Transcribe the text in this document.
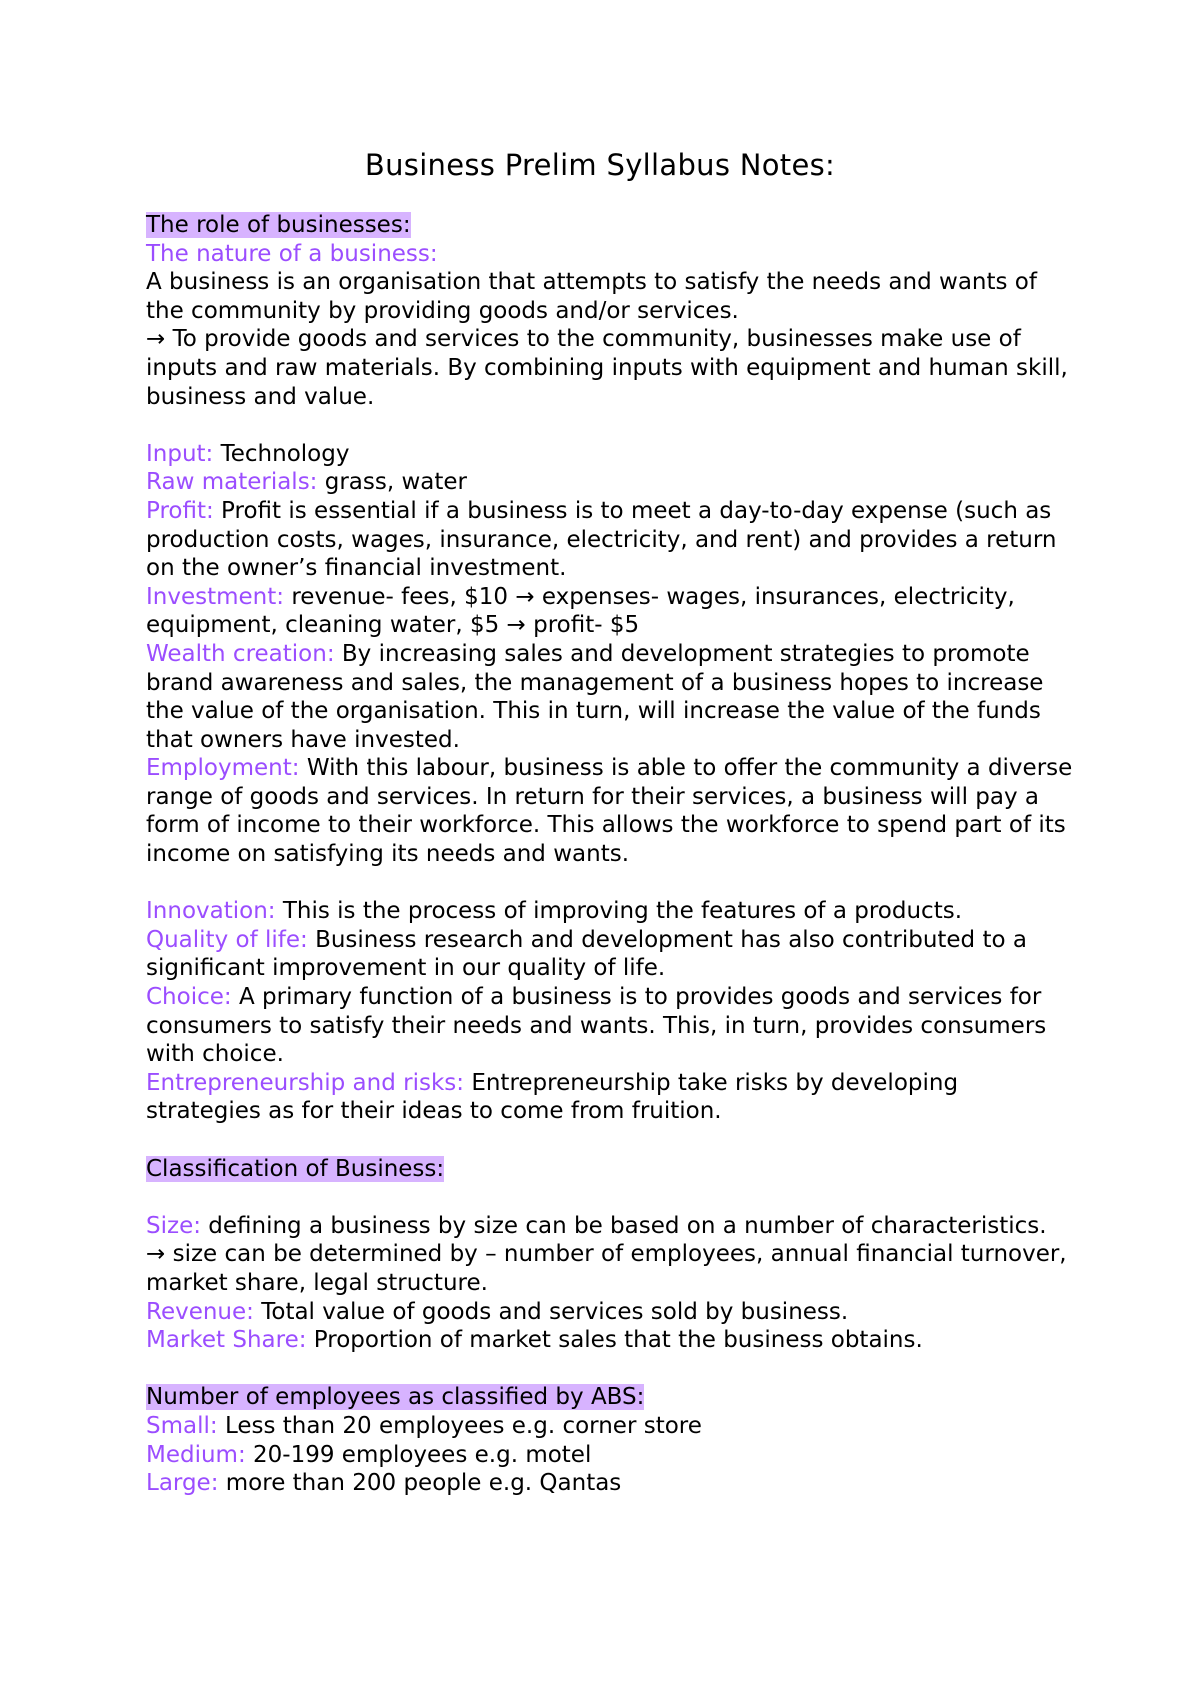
Business Prelim Syllabus Notes:

The role of businesses:

The nature of a business:

A business is an organisation that attempts to satisfy the needs and wants of the community by providing goods and/or services.

→ To provide goods and services to the community, businesses make use of inputs and raw materials. By combining inputs with equipment and human skill, business and value.

Input: Technology

Raw materials: grass, water

Profit: Profit is essential if a business is to meet a day-to-day expense (such as production costs, wages, insurance, electricity, and rent) and provides a return on the owner’s financial investment.

Investment: revenue- fees, $10 → expenses- wages, insurances, electricity, equipment, cleaning water, $5 → profit- $5

Wealth creation: By increasing sales and development strategies to promote brand awareness and sales, the management of a business hopes to increase the value of the organisation. This in turn, will increase the value of the funds that owners have invested.

Employment: With this labour, business is able to offer the community a diverse range of goods and services. In return for their services, a business will pay a form of income to their workforce. This allows the workforce to spend part of its income on satisfying its needs and wants.

Innovation: This is the process of improving the features of a products.

Quality of life: Business research and development has also contributed to a significant improvement in our quality of life.

Choice: A primary function of a business is to provides goods and services for consumers to satisfy their needs and wants. This, in turn, provides consumers with choice.

Entrepreneurship and risks: Entrepreneurship take risks by developing strategies as for their ideas to come from fruition.

Classification of Business:

Size: defining a business by size can be based on a number of characteristics.

→ size can be determined by – number of employees, annual financial turnover, market share, legal structure.

Revenue: Total value of goods and services sold by business.

Market Share: Proportion of market sales that the business obtains.

Number of employees as classified by ABS:

Small: Less than 20 employees e.g. corner store

Medium: 20-199 employees e.g. motel

Large: more than 200 people e.g. Qantas
